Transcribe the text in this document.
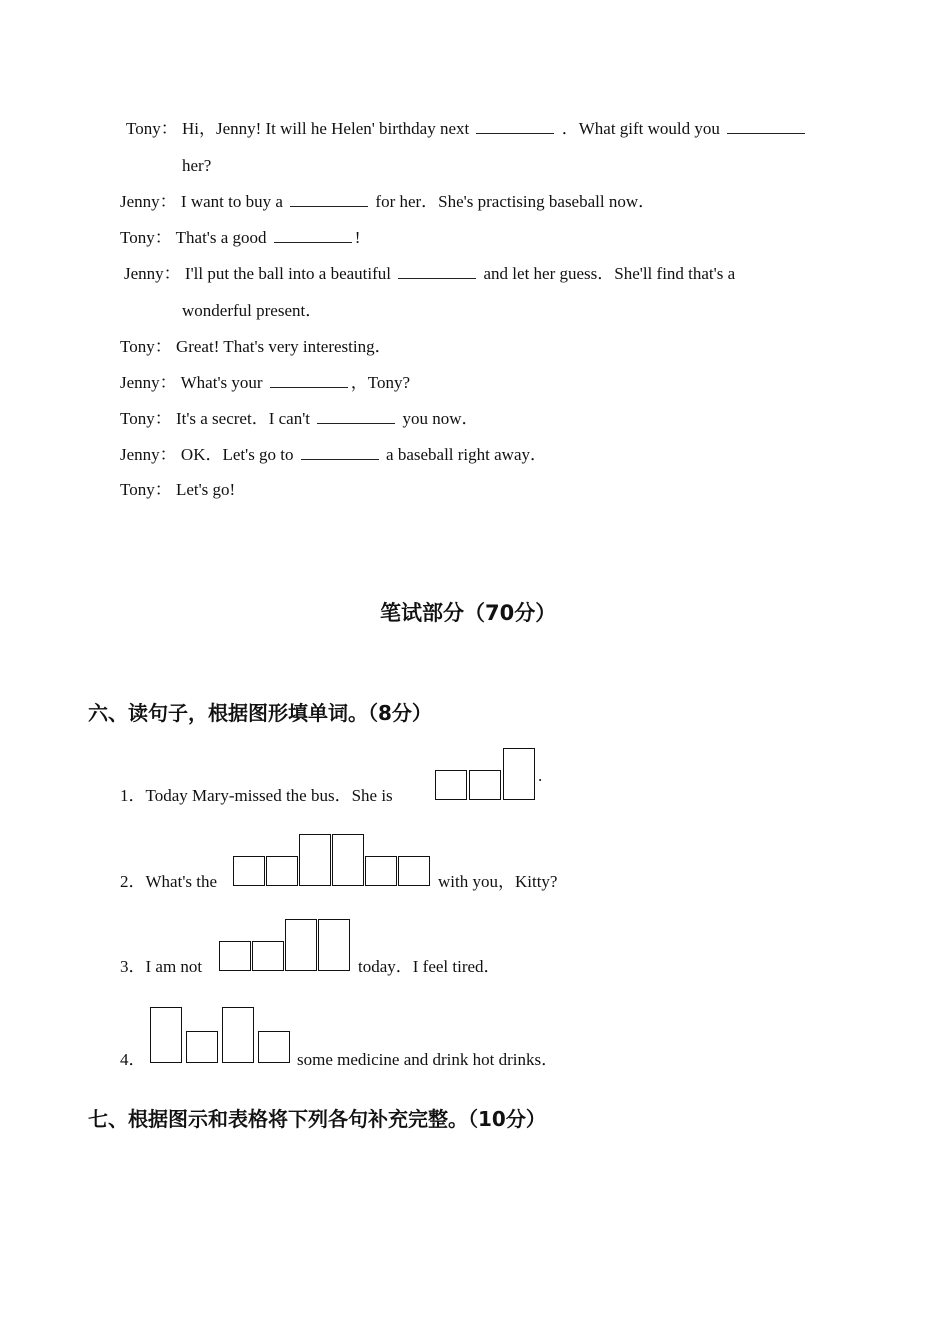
Tony： Hi，Jenny! It will he Helen' birthday next	．What gift would you
her?
Jenny： I want to buy a	for her．She's practising baseball now．
Tony： That's a good	!
Jenny： I'll put the ball into a beautiful	and let her guess．She'll find that's a
wonderful present．
Tony： Great! That's very interesting．
Jenny： What's your	，Tony?
Tony： It's a secret．I can't	you now．
Jenny： OK．Let's go to	a baseball right away．
Tony： Let's go!
笔试部分（70分）
六、读句子，根据图形填单词。（8分）
1．Today Mary-missed the bus．She is
.
2．What's the	with you，Kitty?
3．I am not	today．I feel tired．
4．	some medicine and drink hot drinks．
七、根据图示和表格将下列各句补充完整。（10分）
